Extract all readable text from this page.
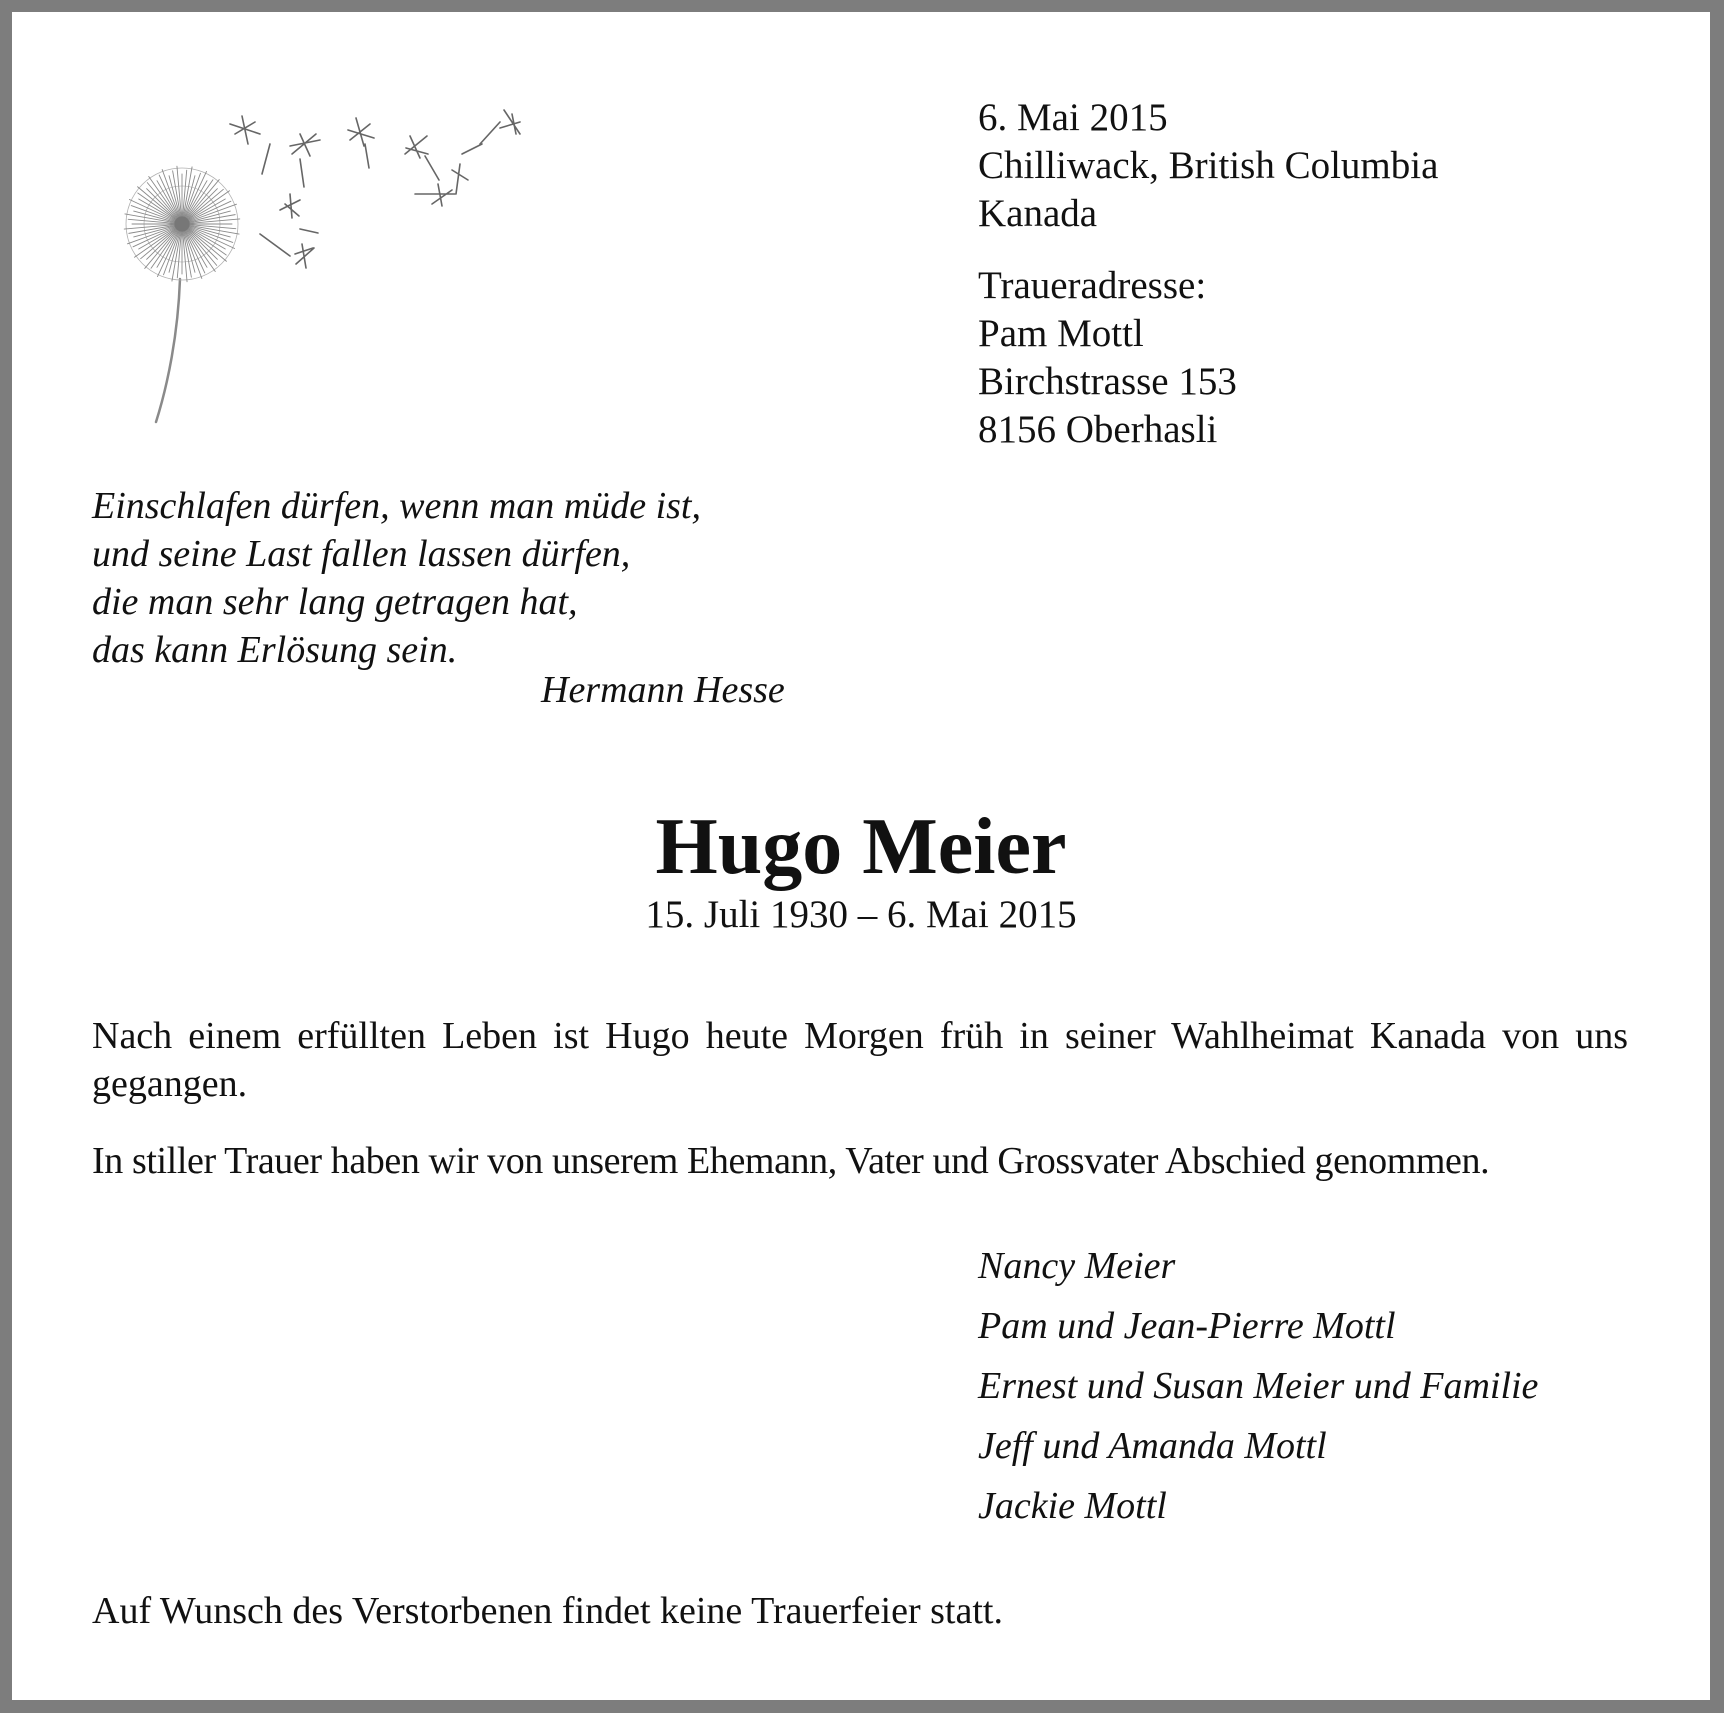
6. Mai 2015
Chilliwack, British Columbia
Kanada
Traueradresse:
Pam Mottl
Birchstrasse 153
8156 Oberhasli
Einschlafen dürfen, wenn man müde ist,
und seine Last fallen lassen dürfen,
die man sehr lang getragen hat,
das kann Erlösung sein.
Hermann Hesse
Hugo Meier
15. Juli 1930 – 6. Mai 2015
Nach einem erfüllten Leben ist Hugo heute Morgen früh in seiner Wahlheimat Kanada von uns gegangen.
In stiller Trauer haben wir von unserem Ehemann, Vater und Grossvater Abschied genommen.
Nancy Meier
Pam und Jean-Pierre Mottl
Ernest und Susan Meier und Familie
Jeff und Amanda Mottl
Jackie Mottl
Auf Wunsch des Verstorbenen findet keine Trauerfeier statt.
